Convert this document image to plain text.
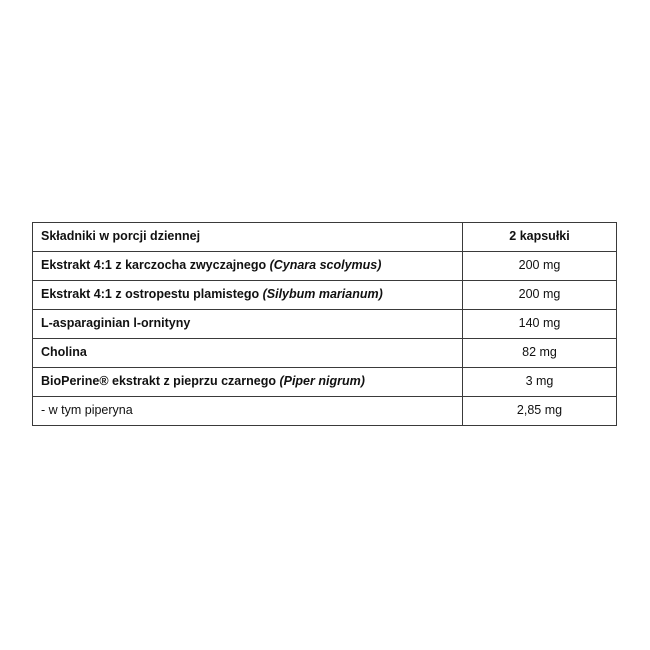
Składniki w porcji dziennej	2 kapsułki
Ekstrakt 4:1 z karczocha zwyczajnego (Cynara scolymus)	200 mg
Ekstrakt 4:1 z ostropestu plamistego (Silybum marianum)	200 mg
L-asparaginian l-ornityny	140 mg
Cholina	82 mg
BioPerine® ekstrakt z pieprzu czarnego (Piper nigrum)	3 mg
- w tym piperyna	2,85 mg
